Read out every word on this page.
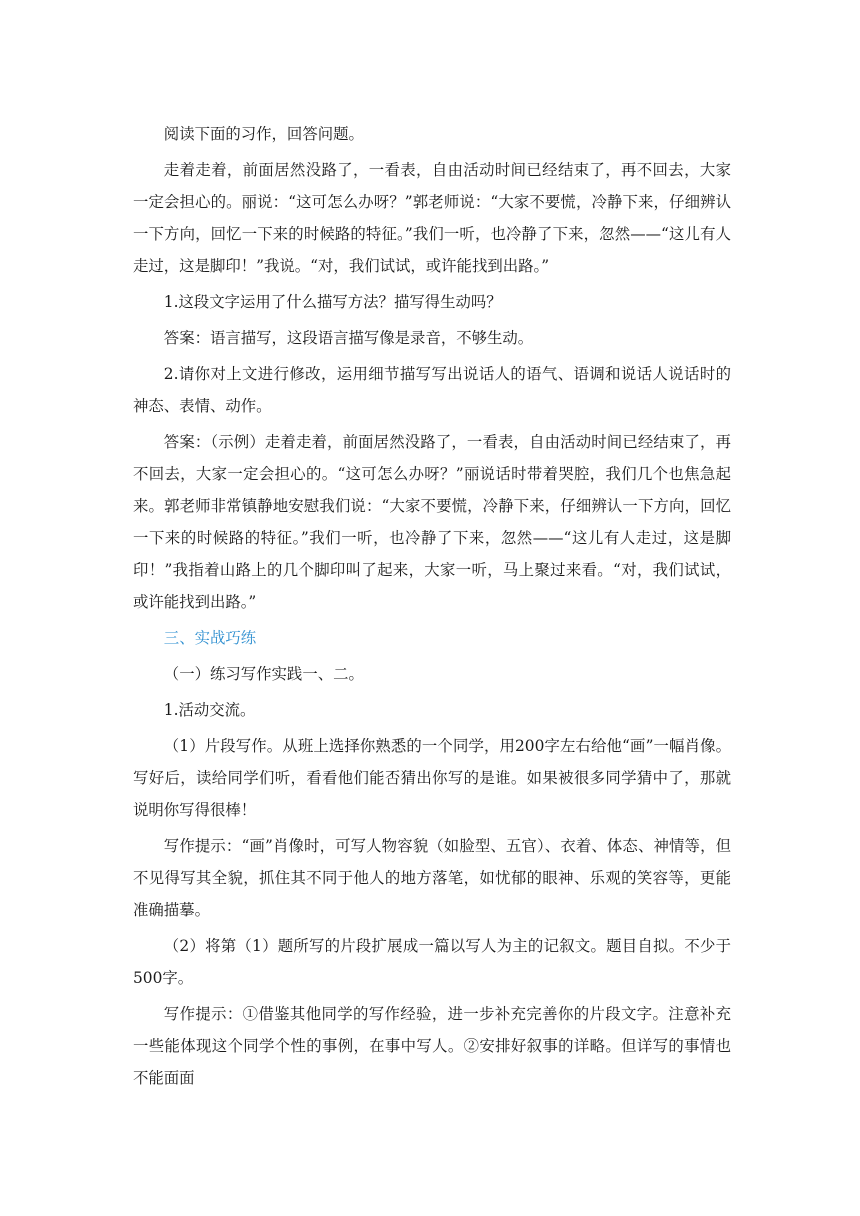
阅读下面的习作，回答问题。

走着走着，前面居然没路了，一看表，自由活动时间已经结束了，再不回去，大家一定会担心的。丽说：“这可怎么办呀？”郭老师说：“大家不要慌，冷静下来，仔细辨认一下方向，回忆一下来的时候路的特征。”我们一听，也冷静了下来，忽然——“这儿有人走过，这是脚印！”我说。“对，我们试试，或许能找到出路。”

1.这段文字运用了什么描写方法？描写得生动吗？

答案：语言描写，这段语言描写像是录音，不够生动。

2.请你对上文进行修改，运用细节描写写出说话人的语气、语调和说话人说话时的神态、表情、动作。

答案：（示例）走着走着，前面居然没路了，一看表，自由活动时间已经结束了，再不回去，大家一定会担心的。“这可怎么办呀？”丽说话时带着哭腔，我们几个也焦急起来。郭老师非常镇静地安慰我们说：“大家不要慌，冷静下来，仔细辨认一下方向，回忆一下来的时候路的特征。”我们一听，也冷静了下来，忽然——“这儿有人走过，这是脚印！”我指着山路上的几个脚印叫了起来，大家一听，马上聚过来看。“对，我们试试，或许能找到出路。”

三、实战巧练

（一）练习写作实践一、二。

1.活动交流。

（1）片段写作。从班上选择你熟悉的一个同学，用200字左右给他“画”一幅肖像。写好后，读给同学们听，看看他们能否猜出你写的是谁。如果被很多同学猜中了，那就说明你写得很棒！

写作提示：“画”肖像时，可写人物容貌（如脸型、五官）、衣着、体态、神情等，但不见得写其全貌，抓住其不同于他人的地方落笔，如忧郁的眼神、乐观的笑容等，更能准确描摹。

（2）将第（1）题所写的片段扩展成一篇以写人为主的记叙文。题目自拟。不少于500字。

写作提示：①借鉴其他同学的写作经验，进一步补充完善你的片段文字。注意补充一些能体现这个同学个性的事例，在事中写人。②安排好叙事的详略。但详写的事情也不能面面
